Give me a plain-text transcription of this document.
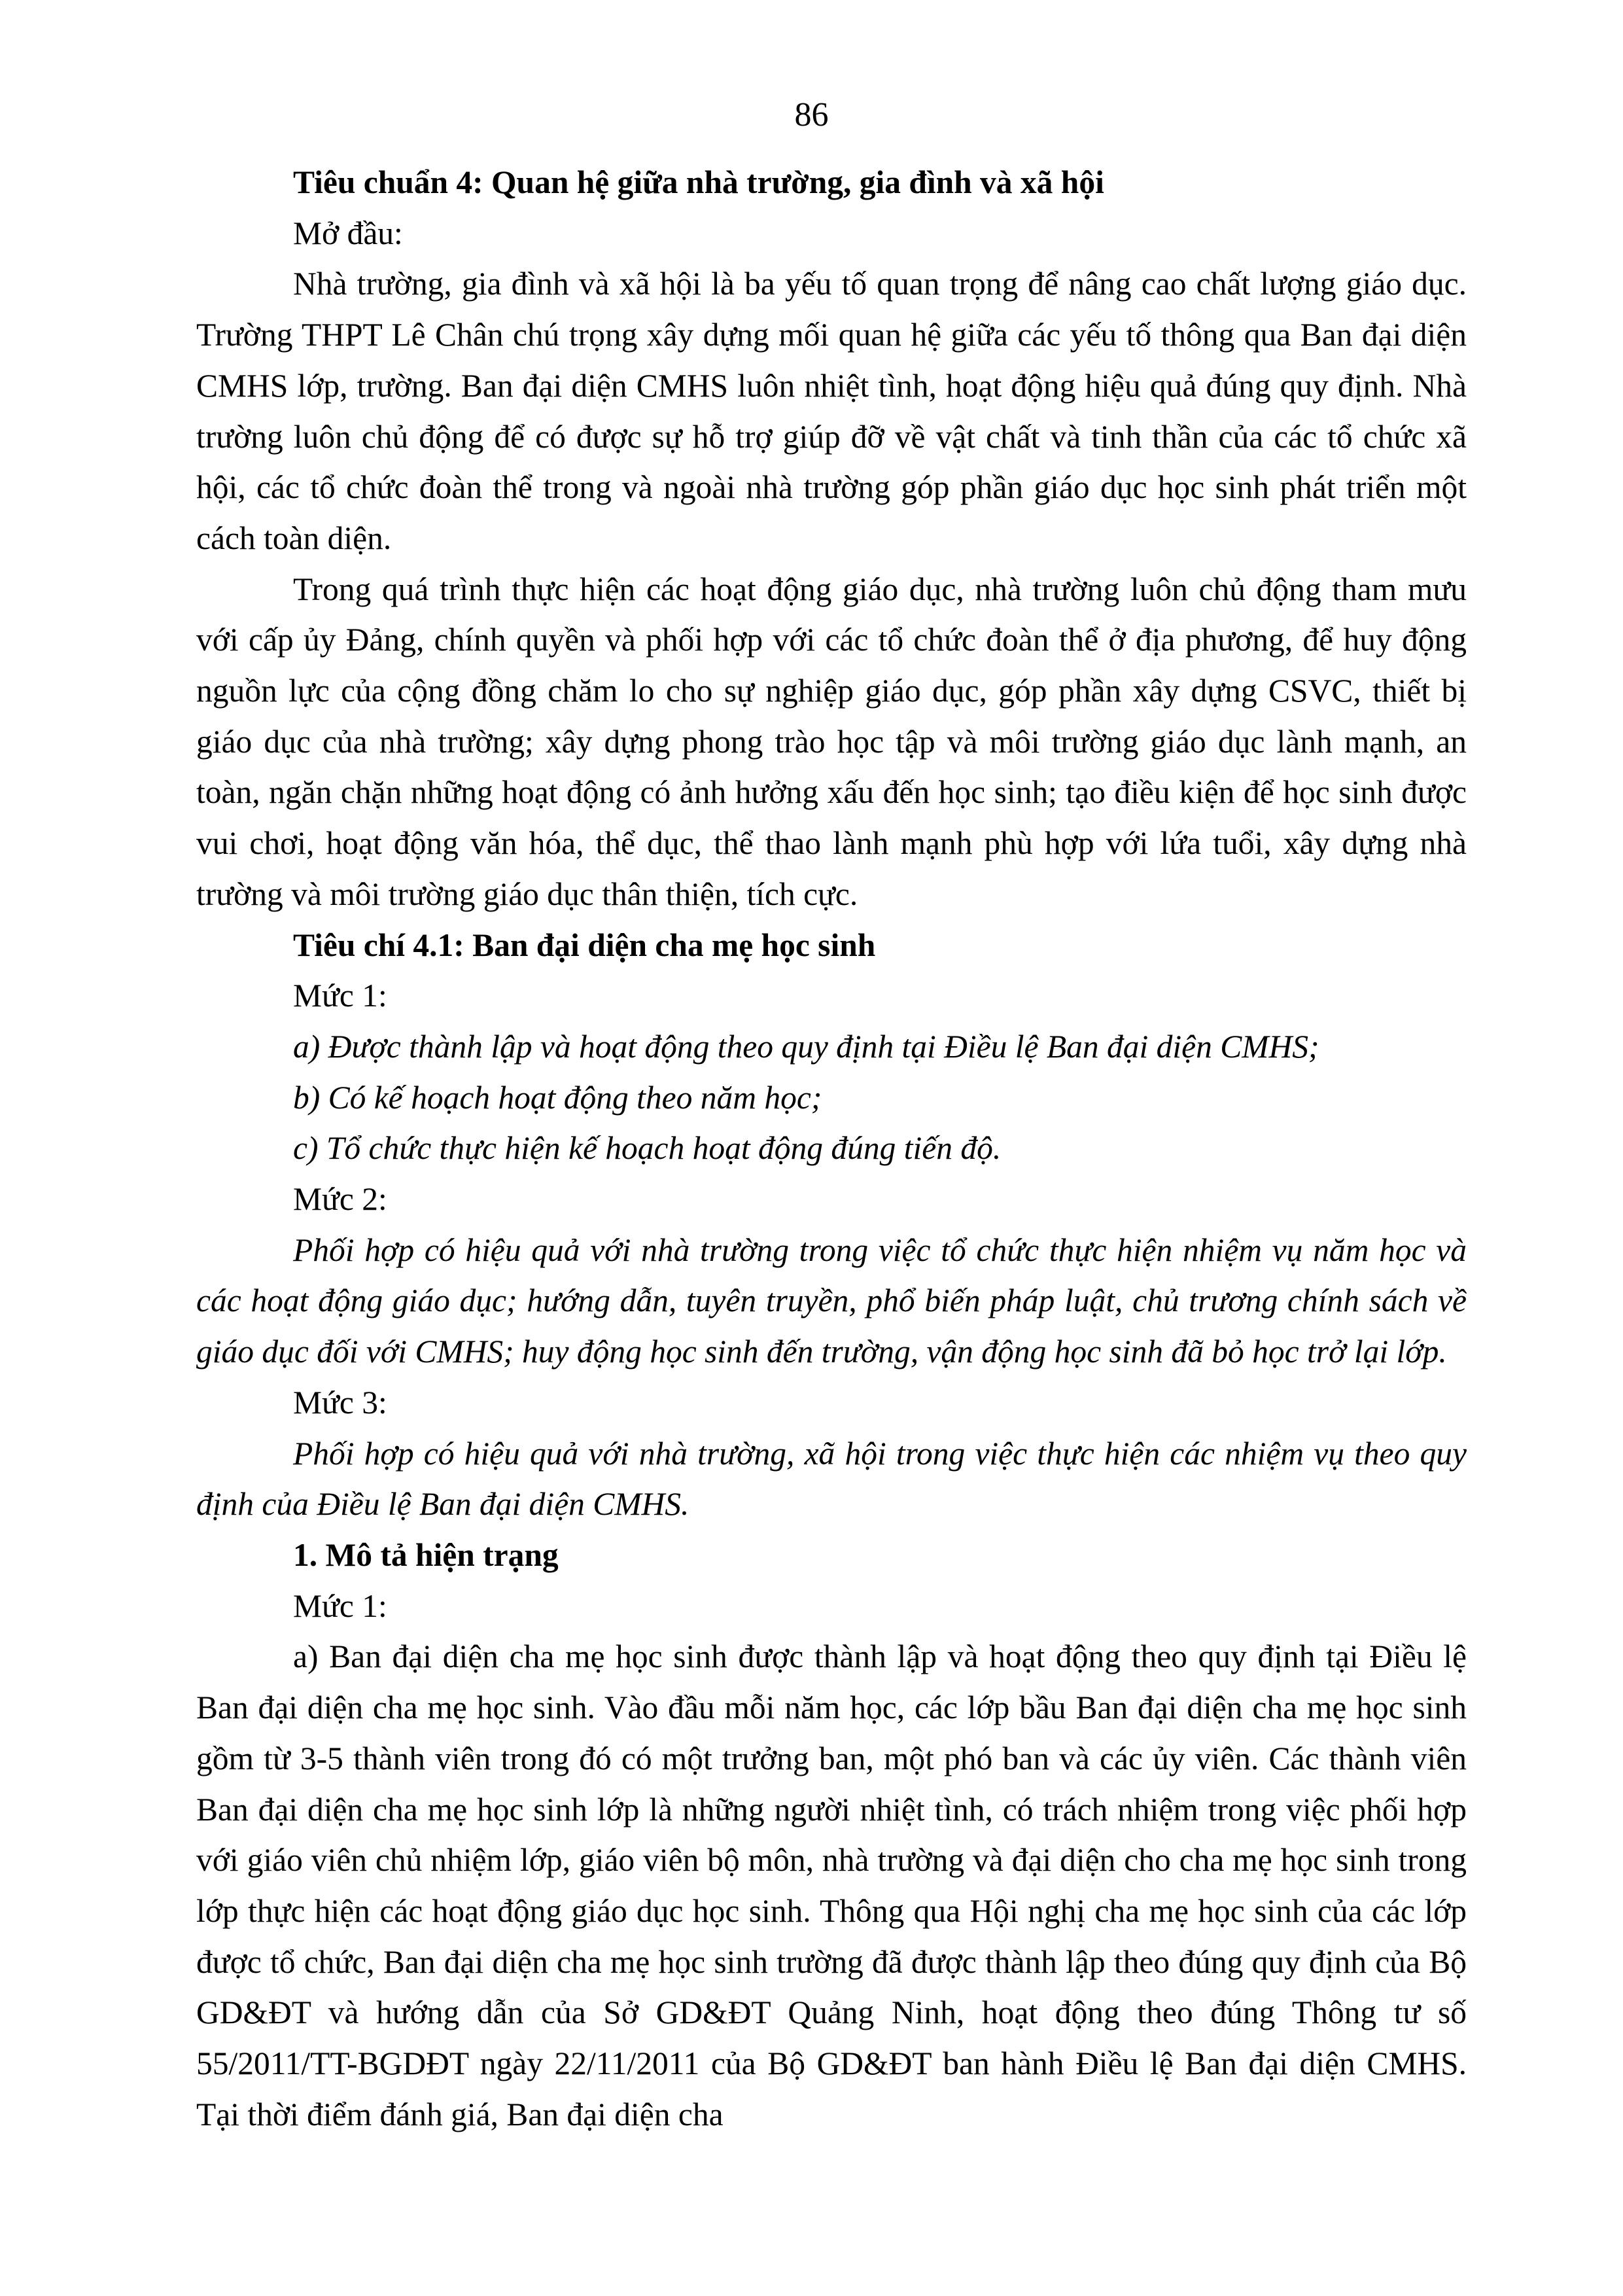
86

Tiêu chuẩn 4: Quan hệ giữa nhà trường, gia đình và xã hội

Mở đầu:

Nhà trường, gia đình và xã hội là ba yếu tố quan trọng để nâng cao chất lượng giáo dục. Trường THPT Lê Chân chú trọng xây dựng mối quan hệ giữa các yếu tố thông qua Ban đại diện CMHS lớp, trường. Ban đại diện CMHS luôn nhiệt tình, hoạt động hiệu quả đúng quy định. Nhà trường luôn chủ động để có được sự hỗ trợ giúp đỡ về vật chất và tinh thần của các tổ chức xã hội, các tổ chức đoàn thể trong và ngoài nhà trường góp phần giáo dục học sinh phát triển một cách toàn diện.

Trong quá trình thực hiện các hoạt động giáo dục, nhà trường luôn chủ động tham mưu với cấp ủy Đảng, chính quyền và phối hợp với các tổ chức đoàn thể ở địa phương, để huy động nguồn lực của cộng đồng chăm lo cho sự nghiệp giáo dục, góp phần xây dựng CSVC, thiết bị giáo dục của nhà trường; xây dựng phong trào học tập và môi trường giáo dục lành mạnh, an toàn, ngăn chặn những hoạt động có ảnh hưởng xấu đến học sinh; tạo điều kiện để học sinh được vui chơi, hoạt động văn hóa, thể dục, thể thao lành mạnh phù hợp với lứa tuổi, xây dựng nhà trường và môi trường giáo dục thân thiện, tích cực.

Tiêu chí 4.1: Ban đại diện cha mẹ học sinh

Mức 1:

a) Được thành lập và hoạt động theo quy định tại Điều lệ Ban đại diện CMHS;

b) Có kế hoạch hoạt động theo năm học;

c) Tổ chức thực hiện kế hoạch hoạt động đúng tiến độ.

Mức 2:

Phối hợp có hiệu quả với nhà trường trong việc tổ chức thực hiện nhiệm vụ năm học và các hoạt động giáo dục; hướng dẫn, tuyên truyền, phổ biến pháp luật, chủ trương chính sách về giáo dục đối với CMHS; huy động học sinh đến trường, vận động học sinh đã bỏ học trở lại lớp.

Mức 3:

Phối hợp có hiệu quả với nhà trường, xã hội trong việc thực hiện các nhiệm vụ theo quy định của Điều lệ Ban đại diện CMHS.

1. Mô tả hiện trạng

Mức 1:

a) Ban đại diện cha mẹ học sinh được thành lập và hoạt động theo quy định tại Điều lệ Ban đại diện cha mẹ học sinh. Vào đầu mỗi năm học, các lớp bầu Ban đại diện cha mẹ học sinh gồm từ 3-5 thành viên trong đó có một trưởng ban, một phó ban và các ủy viên. Các thành viên Ban đại diện cha mẹ học sinh lớp là những người nhiệt tình, có trách nhiệm trong việc phối hợp với giáo viên chủ nhiệm lớp, giáo viên bộ môn, nhà trường và đại diện cho cha mẹ học sinh trong lớp thực hiện các hoạt động giáo dục học sinh. Thông qua Hội nghị cha mẹ học sinh của các lớp được tổ chức, Ban đại diện cha mẹ học sinh trường đã được thành lập theo đúng quy định của Bộ GD&ĐT và hướng dẫn của Sở GD&ĐT Quảng Ninh, hoạt động theo đúng Thông tư số 55/2011/TT-BGDĐT ngày 22/11/2011 của Bộ GD&ĐT ban hành Điều lệ Ban đại diện CMHS. Tại thời điểm đánh giá, Ban đại diện cha
